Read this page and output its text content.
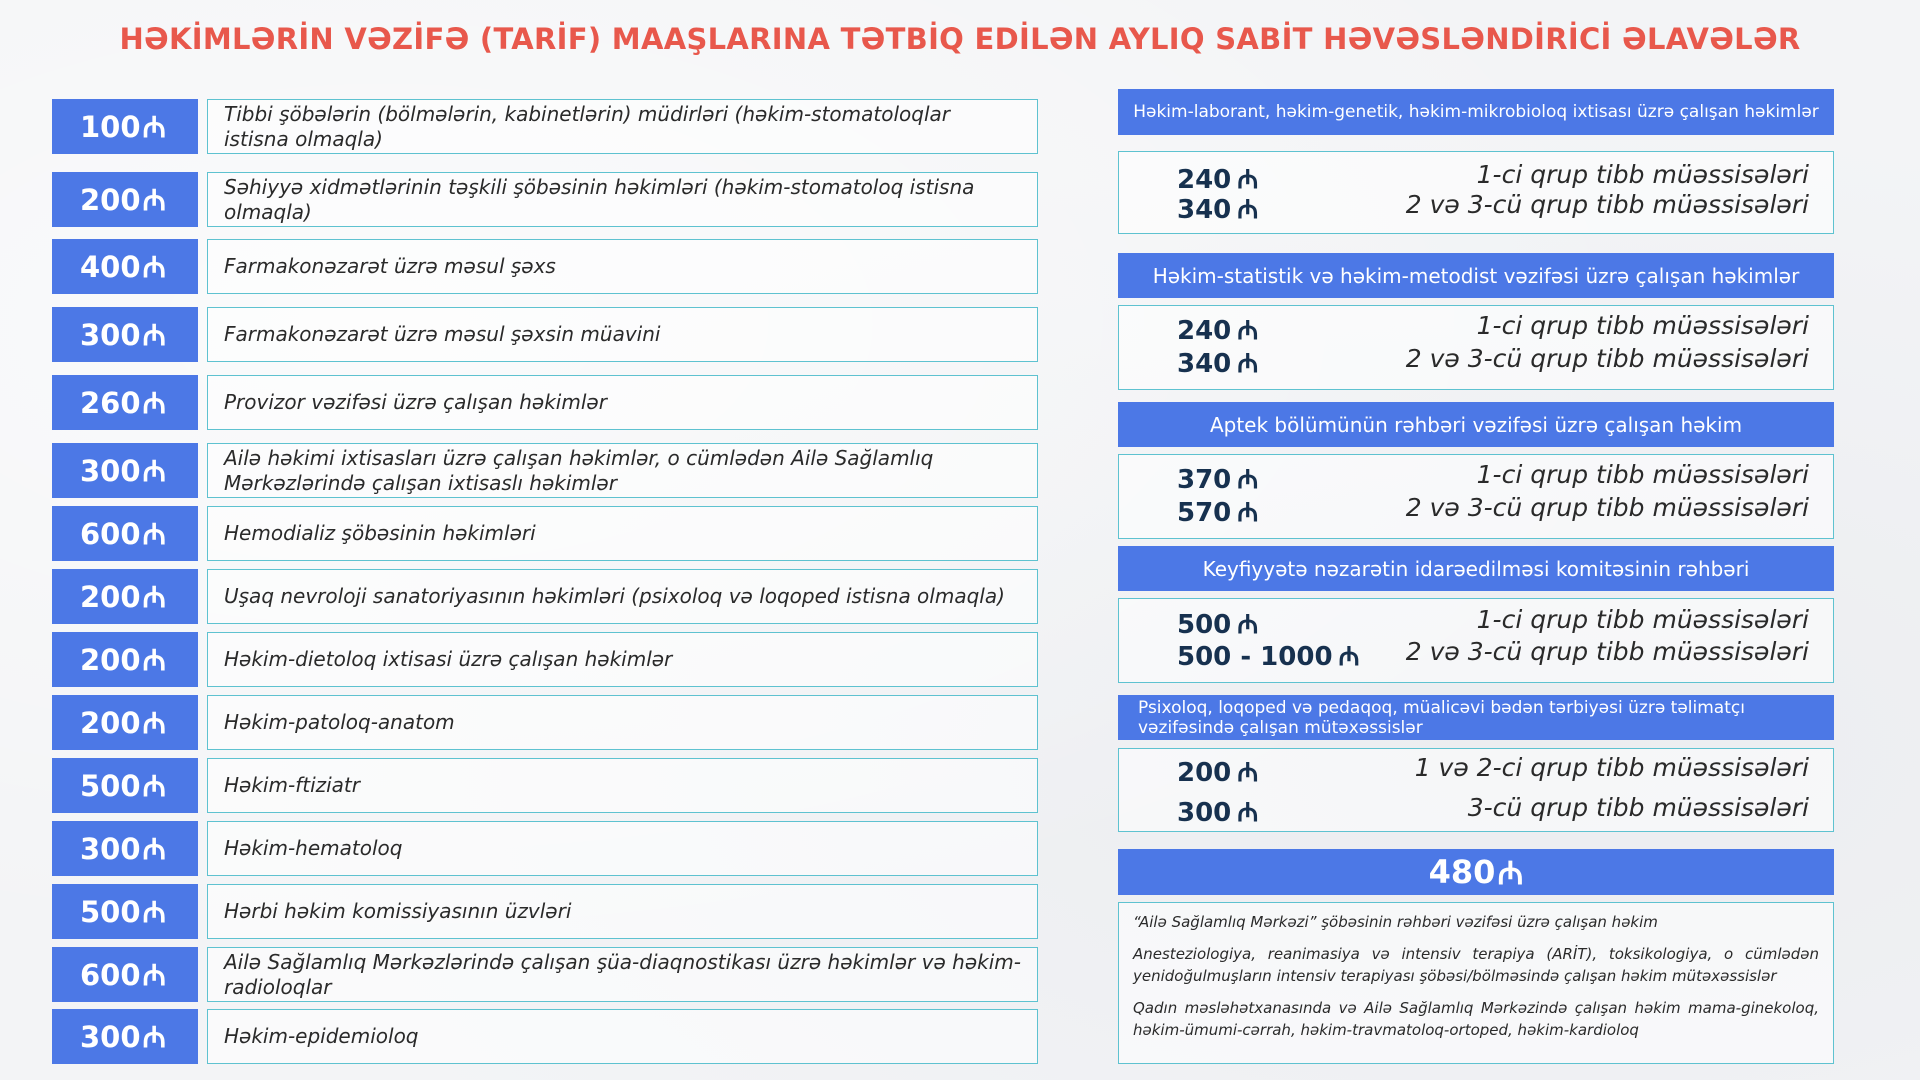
HƏKİMLƏRİN VƏZİFƏ (TARİF) MAAŞLARINA TƏTBİQ EDİLƏN AYLIQ SABİT HƏVƏSLƏNDİRİCİ ƏLAVƏLƏR
100 ₼	Tibbi şöbələrin (bölmələrin, kabinetlərin) müdirləri (həkim-stomatoloqlar istisna olmaqla)
200 ₼	Səhiyyə xidmətlərinin təşkili şöbəsinin həkimləri (həkim-stomatoloq istisna olmaqla)
400 ₼	Farmakonəzarət üzrə məsul şəxs
300 ₼	Farmakonəzarət üzrə məsul şəxsin müavini
260 ₼	Provizor vəzifəsi üzrə çalışan həkimlər
300 ₼	Ailə həkimi ixtisasları üzrə çalışan həkimlər, o cümlədən Ailə Sağlamlıq Mərkəzlərində çalışan ixtisaslı həkimlər
600 ₼	Hemodializ şöbəsinin həkimləri
200 ₼	Uşaq nevroloji sanatoriyasının həkimləri (psixoloq və loqoped istisna olmaqla)
200 ₼	Həkim-dietoloq ixtisasi üzrə çalışan həkimlər
200 ₼	Həkim-patoloq-anatom
500 ₼	Həkim-ftiziatr
300 ₼	Həkim-hematoloq
500 ₼	Hərbi həkim komissiyasının üzvləri
600 ₼	Ailə Sağlamlıq Mərkəzlərində çalışan şüa-diaqnostikası üzrə həkimlər və həkim-radioloqlar
300 ₼	Həkim-epidemioloq
480 ₼
“Ailə Sağlamlıq Mərkəzi” şöbəsinin rəhbəri vəzifəsi üzrə çalışan həkim
Anesteziologiya, reanimasiya və intensiv terapiya (ARİT), toksikologiya, o cümlədən yenidoğulmuşların intensiv terapiyası şöbəsi/bölməsində çalışan həkim mütəxəssislər
Qadın məsləhətxanasında və Ailə Sağlamlıq Mərkəzində çalışan həkim mama-ginekoloq, həkim-ümumi-cərrah, həkim-travmatoloq-ortoped, həkim-kardioloq
Həkim-laborant, həkim-genetik, həkim-mikrobioloq ixtisası üzrə çalışan həkimlər
240 ₼	1-ci qrup tibb müəssisələri
340 ₼	2 və 3-cü qrup tibb müəssisələri
Həkim-statistik və həkim-metodist vəzifəsi üzrə çalışan həkimlər
240 ₼	1-ci qrup tibb müəssisələri
340 ₼	2 və 3-cü qrup tibb müəssisələri
Aptek bölümünün rəhbəri vəzifəsi üzrə çalışan həkim
370 ₼	1-ci qrup tibb müəssisələri
570 ₼	2 və 3-cü qrup tibb müəssisələri
Keyfiyyətə nəzarətin idarəedilməsi komitəsinin rəhbəri
500 ₼	1-ci qrup tibb müəssisələri
500 - 1000 ₼ 2 və 3-cü qrup tibb müəssisələri
Psixoloq, loqoped və pedaqoq, müalicəvi bədən tərbiyəsi üzrə təlimatçı vəzifəsində çalışan mütəxəssislər
200 ₼	1 və 2-ci qrup tibb müəssisələri
300 ₼	3-cü qrup tibb müəssisələri
